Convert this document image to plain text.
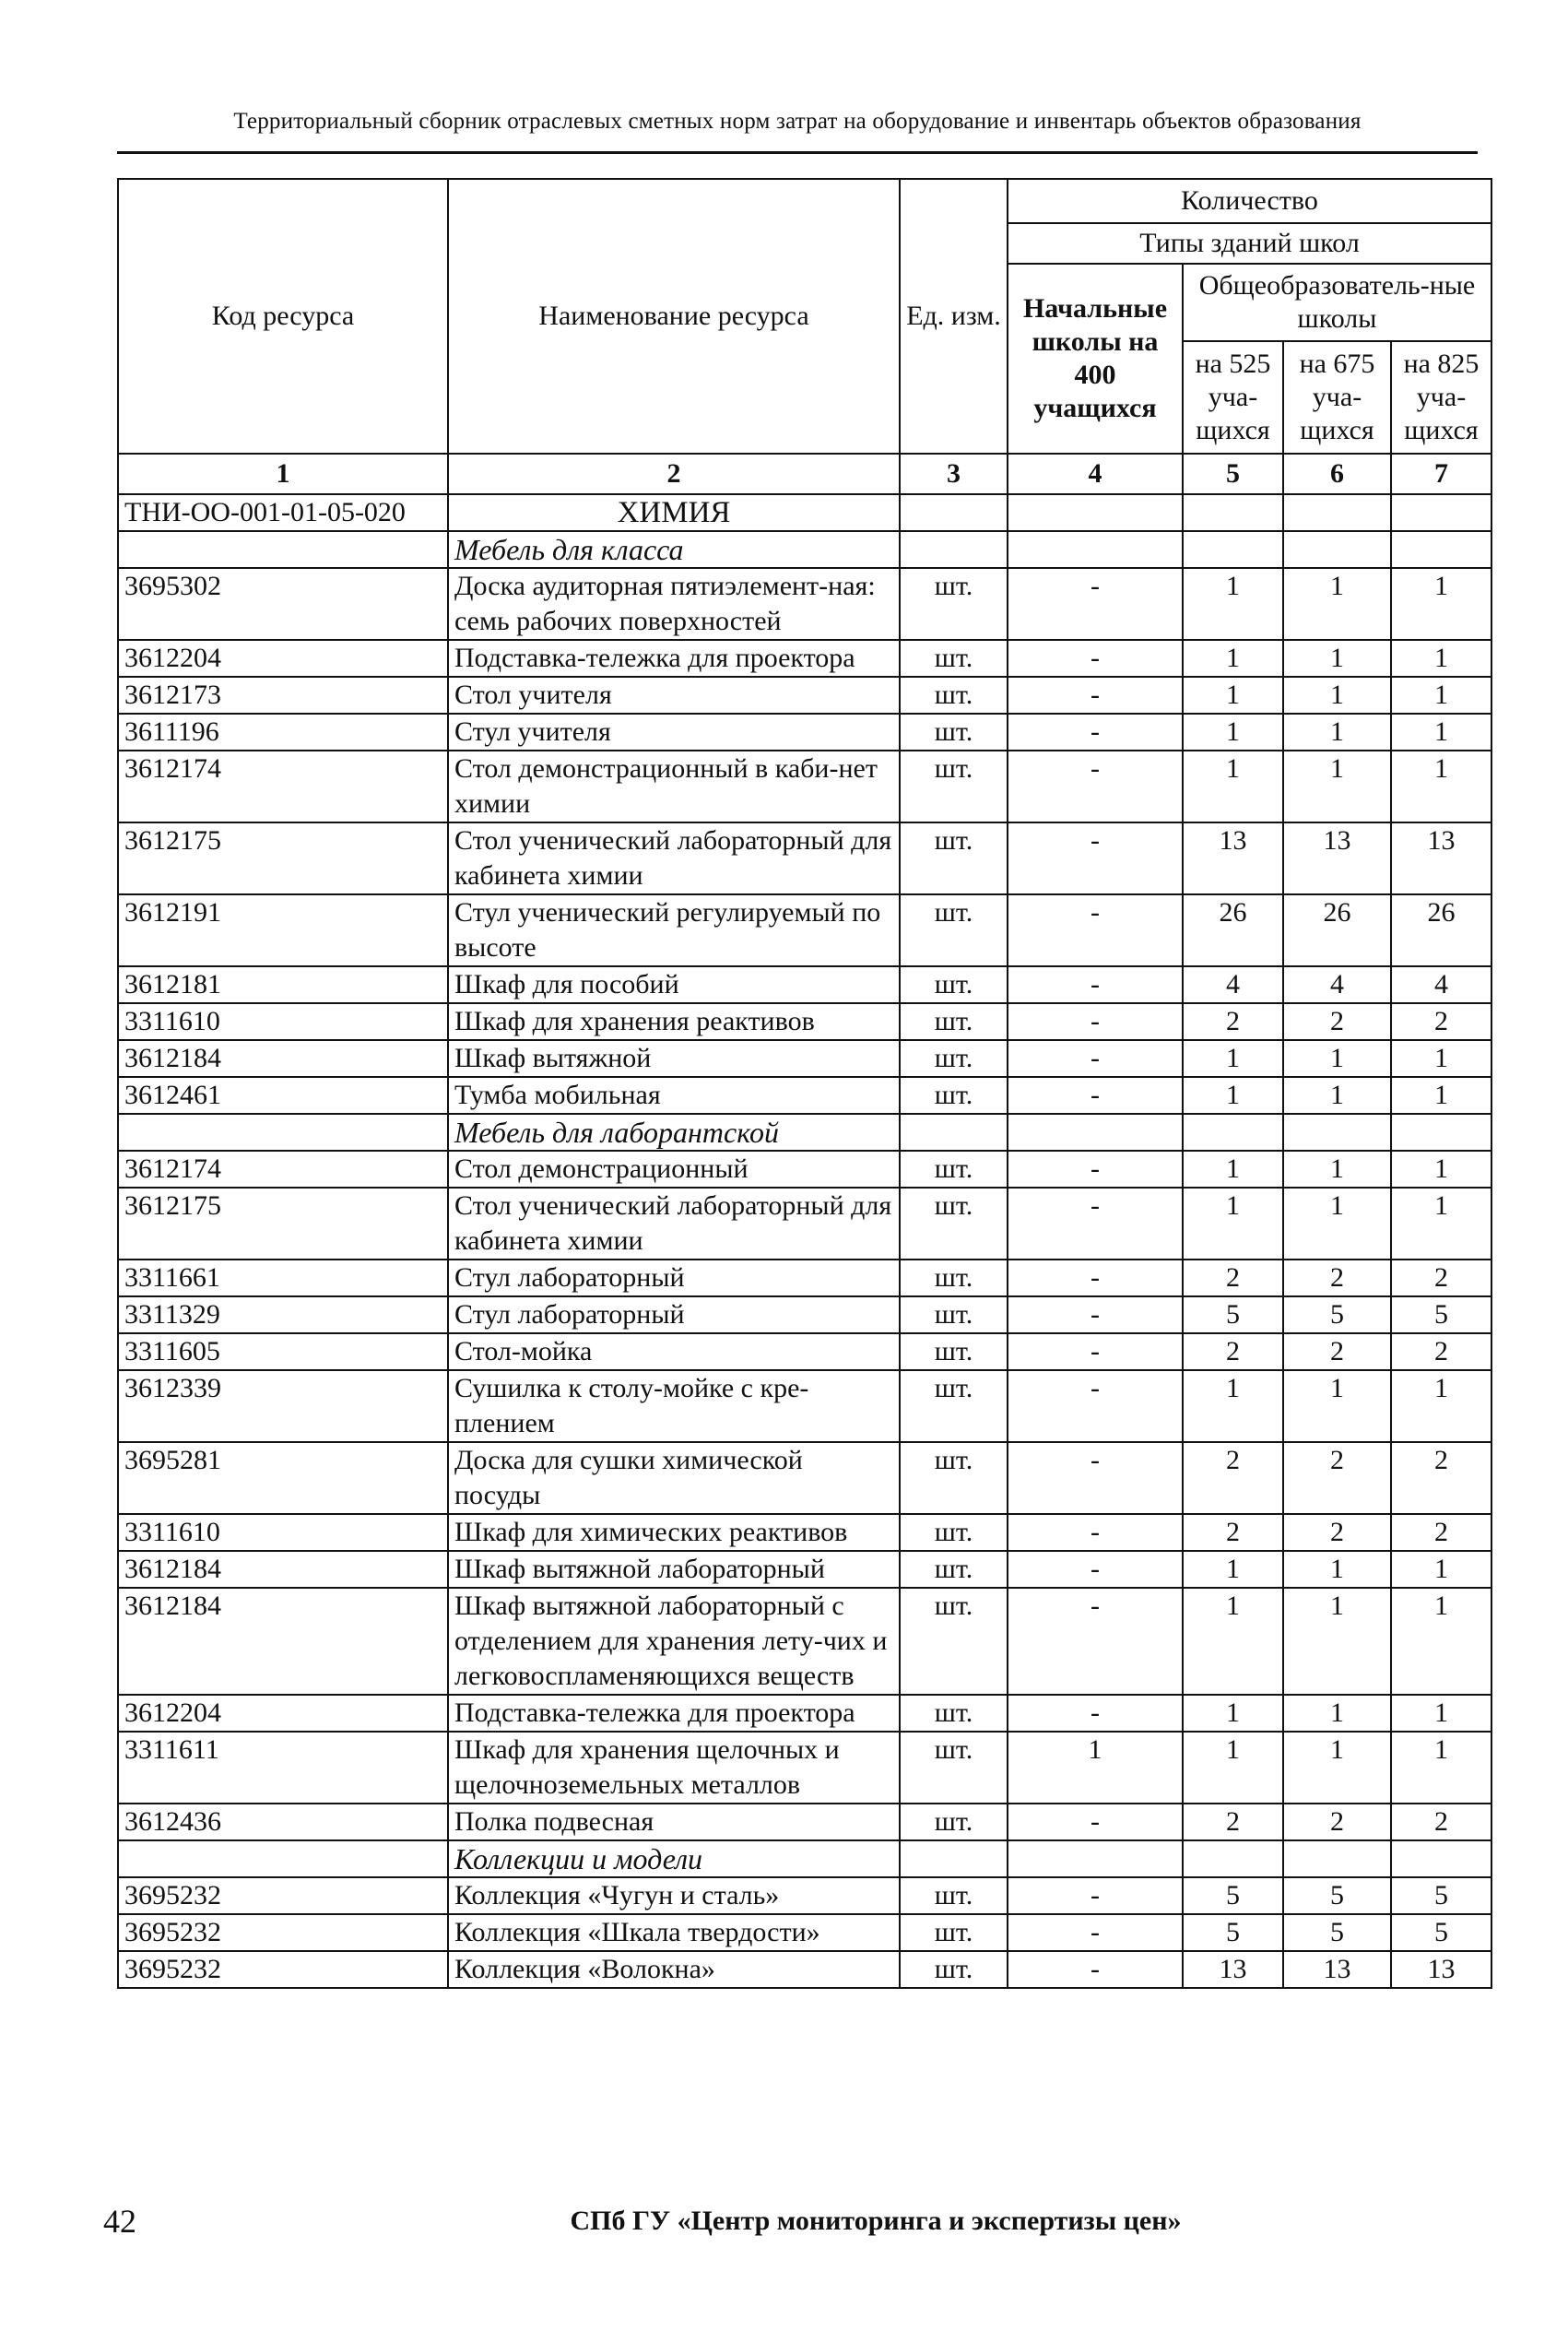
Территориальный сборник отраслевых сметных норм затрат на оборудование и инвентарь объектов образования
Код ресурса	Наименование ресурса	Ед. изм.	Количество			
			Типы зданий школ			
			Начальные школы на 400 учащихся	Общеобразователь-ные школы		
				на 525 уча-щихся	на 675 уча-щихся	на 825 уча-щихся
1	2	3	4	5	6	7
ТНИ-ОО-001-01-05-020	ХИМИЯ					
	Мебель для класса					
3695302	Доска аудиторная пятиэлемент-ная: семь рабочих поверхностей	шт.	-	1	1	1
3612204	Подставка-тележка для проектора	шт.	-	1	1	1
3612173	Стол учителя	шт.	-	1	1	1
3611196	Стул учителя	шт.	-	1	1	1
3612174	Стол демонстрационный в каби-нет химии	шт.	-	1	1	1
3612175	Стол ученический лабораторный для кабинета химии	шт.	-	13	13	13
3612191	Стул ученический регулируемый по высоте	шт.	-	26	26	26
3612181	Шкаф для пособий	шт.	-	4	4	4
3311610	Шкаф для хранения реактивов	шт.	-	2	2	2
3612184	Шкаф вытяжной	шт.	-	1	1	1
3612461	Тумба мобильная	шт.	-	1	1	1
	Мебель для лаборантской					
3612174	Стол демонстрационный	шт.	-	1	1	1
3612175	Стол ученический лабораторный для кабинета химии	шт.	-	1	1	1
3311661	Стул лабораторный	шт.	-	2	2	2
3311329	Стул лабораторный	шт.	-	5	5	5
3311605	Стол-мойка	шт.	-	2	2	2
3612339	Сушилка к столу-мойке с кре-плением	шт.	-	1	1	1
3695281	Доска для сушки химической посуды	шт.	-	2	2	2
3311610	Шкаф для химических реактивов	шт.	-	2	2	2
3612184	Шкаф вытяжной лабораторный	шт.	-	1	1	1
3612184	Шкаф вытяжной лабораторный с отделением для хранения лету-чих и легковоспламеняющихся веществ	шт.	-	1	1	1
3612204	Подставка-тележка для проектора	шт.	-	1	1	1
3311611	Шкаф для хранения щелочных и щелочноземельных металлов	шт.	1	1	1	1
3612436	Полка подвесная	шт.	-	2	2	2
	Коллекции и модели					
3695232	Коллекция «Чугун и сталь»	шт.	-	5	5	5
3695232	Коллекция «Шкала твердости»	шт.	-	5	5	5
3695232	Коллекция «Волокна»	шт.	-	13	13	13
42	СПб ГУ «Центр мониторинга и экспертизы цен»
